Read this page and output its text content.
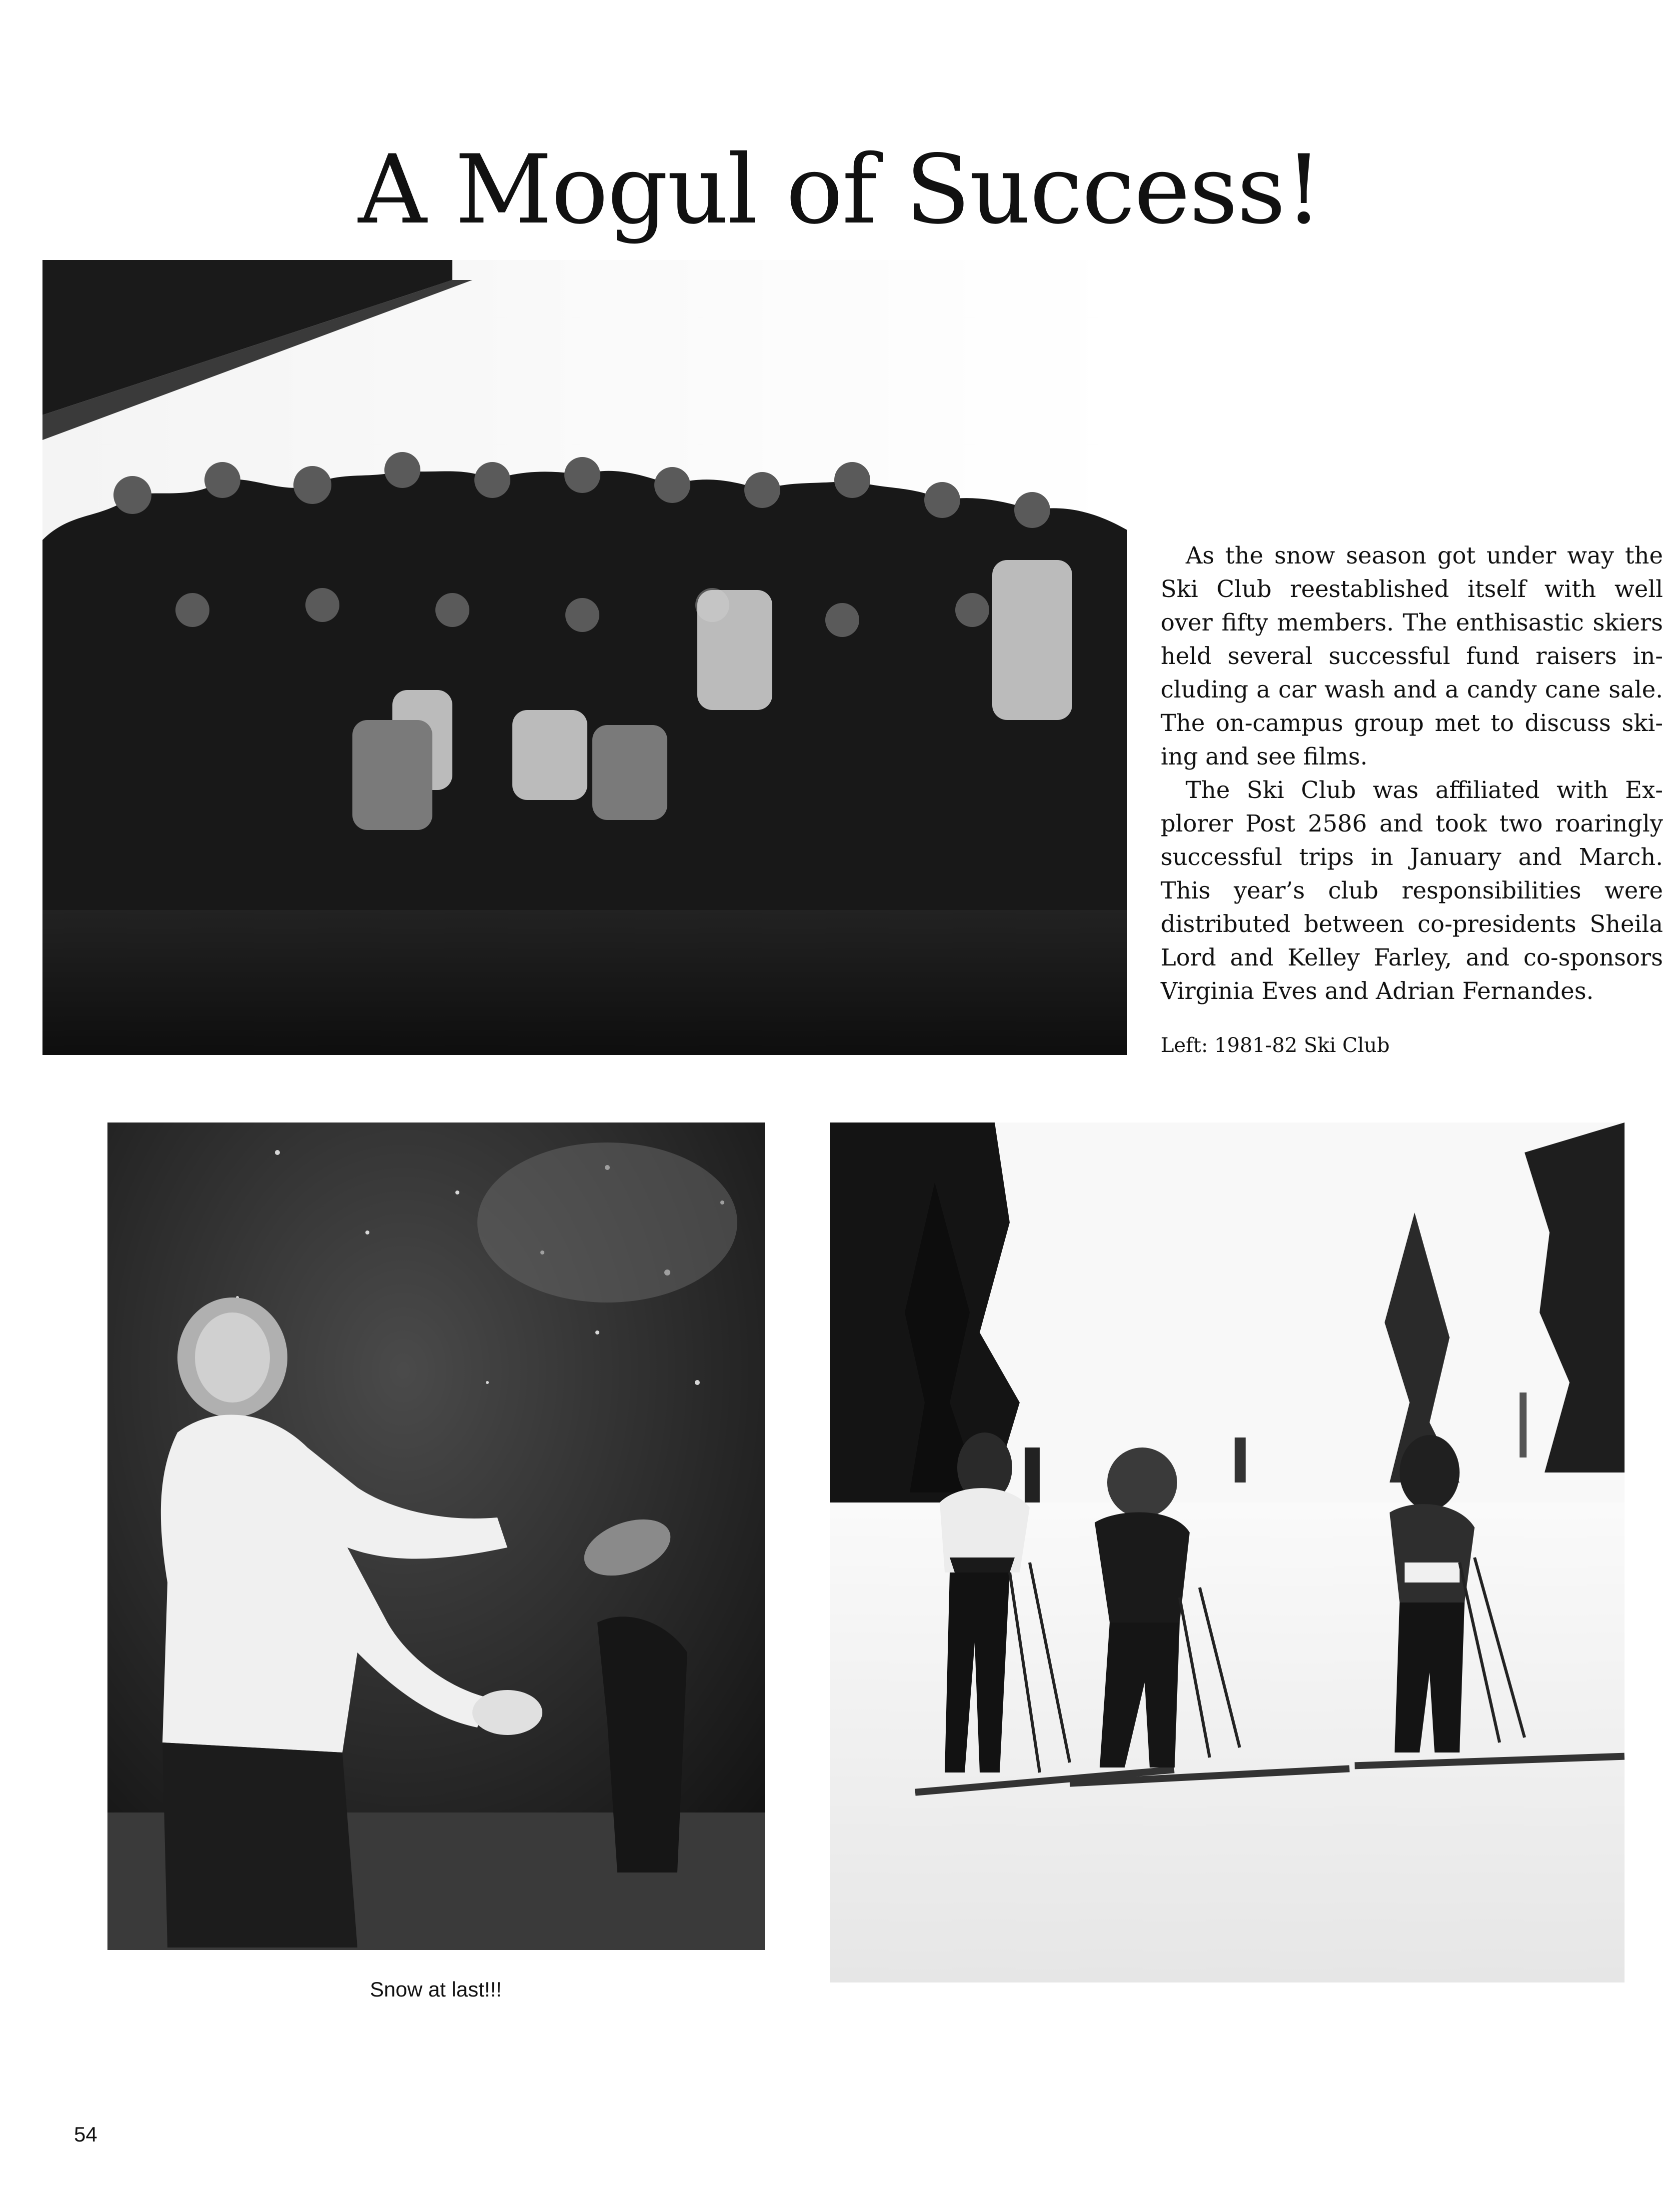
A Mogul of Success!

As the snow season got under way the Ski Club reestablished itself with well over fifty members. The enthisastic skiers held several successful fund raisers including a car wash and a candy cane sale. The on-campus group met to discuss skiing and see films.

The Ski Club was affiliated with Explorer Post 2586 and took two roaringly successful trips in January and March. This year’s club responsibilities were distributed between co-presidents Sheila Lord and Kelley Farley, and co-sponsors Virginia Eves and Adrian Fernandes.

Left: 1981-82 Ski Club
Snow at last!!!
54
